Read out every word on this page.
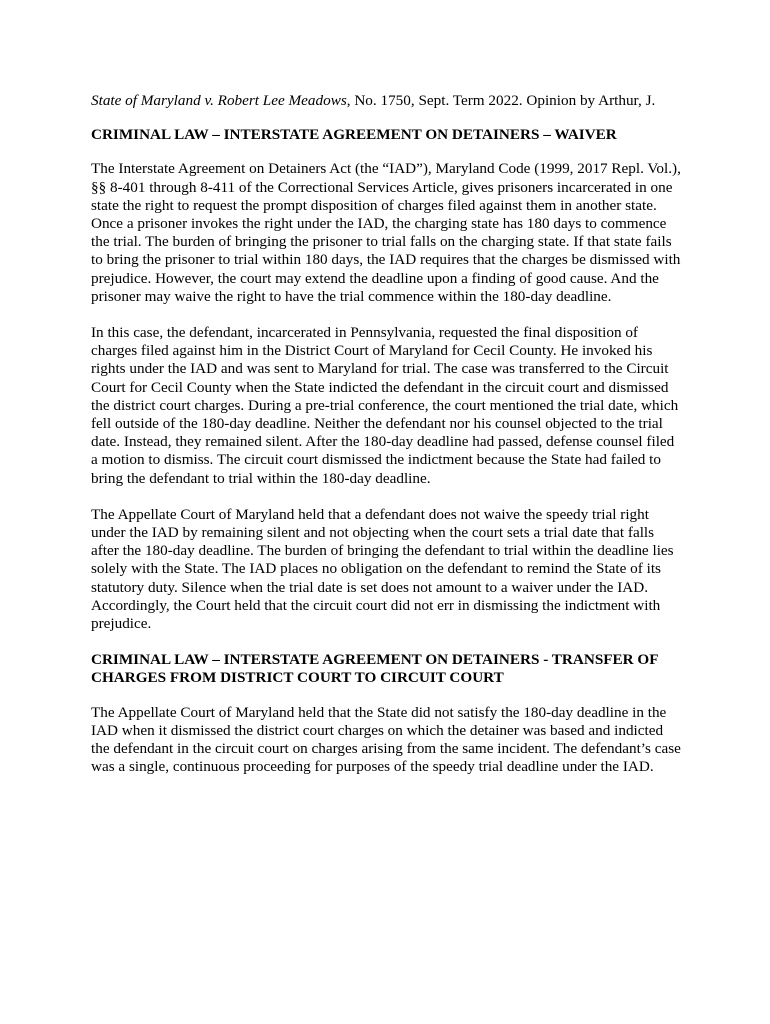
State of Maryland v. Robert Lee Meadows, No. 1750, Sept. Term 2022. Opinion by Arthur, J.

CRIMINAL LAW – INTERSTATE AGREEMENT ON DETAINERS – WAIVER

The Interstate Agreement on Detainers Act (the “IAD”), Maryland Code (1999, 2017 Repl. Vol.), §§ 8-401 through 8-411 of the Correctional Services Article, gives prisoners incarcerated in one state the right to request the prompt disposition of charges filed against them in another state. Once a prisoner invokes the right under the IAD, the charging state has 180 days to commence the trial. The burden of bringing the prisoner to trial falls on the charging state. If that state fails to bring the prisoner to trial within 180 days, the IAD requires that the charges be dismissed with prejudice. However, the court may extend the deadline upon a finding of good cause. And the prisoner may waive the right to have the trial commence within the 180-day deadline.

In this case, the defendant, incarcerated in Pennsylvania, requested the final disposition of charges filed against him in the District Court of Maryland for Cecil County. He invoked his rights under the IAD and was sent to Maryland for trial. The case was transferred to the Circuit Court for Cecil County when the State indicted the defendant in the circuit court and dismissed the district court charges. During a pre-trial conference, the court mentioned the trial date, which fell outside of the 180-day deadline. Neither the defendant nor his counsel objected to the trial date. Instead, they remained silent. After the 180-day deadline had passed, defense counsel filed a motion to dismiss. The circuit court dismissed the indictment because the State had failed to bring the defendant to trial within the 180-day deadline.

The Appellate Court of Maryland held that a defendant does not waive the speedy trial right under the IAD by remaining silent and not objecting when the court sets a trial date that falls after the 180-day deadline. The burden of bringing the defendant to trial within the deadline lies solely with the State. The IAD places no obligation on the defendant to remind the State of its statutory duty. Silence when the trial date is set does not amount to a waiver under the IAD. Accordingly, the Court held that the circuit court did not err in dismissing the indictment with prejudice.

CRIMINAL LAW – INTERSTATE AGREEMENT ON DETAINERS - TRANSFER OF CHARGES FROM DISTRICT COURT TO CIRCUIT COURT

The Appellate Court of Maryland held that the State did not satisfy the 180-day deadline in the IAD when it dismissed the district court charges on which the detainer was based and indicted the defendant in the circuit court on charges arising from the same incident. The defendant’s case was a single, continuous proceeding for purposes of the speedy trial deadline under the IAD.
